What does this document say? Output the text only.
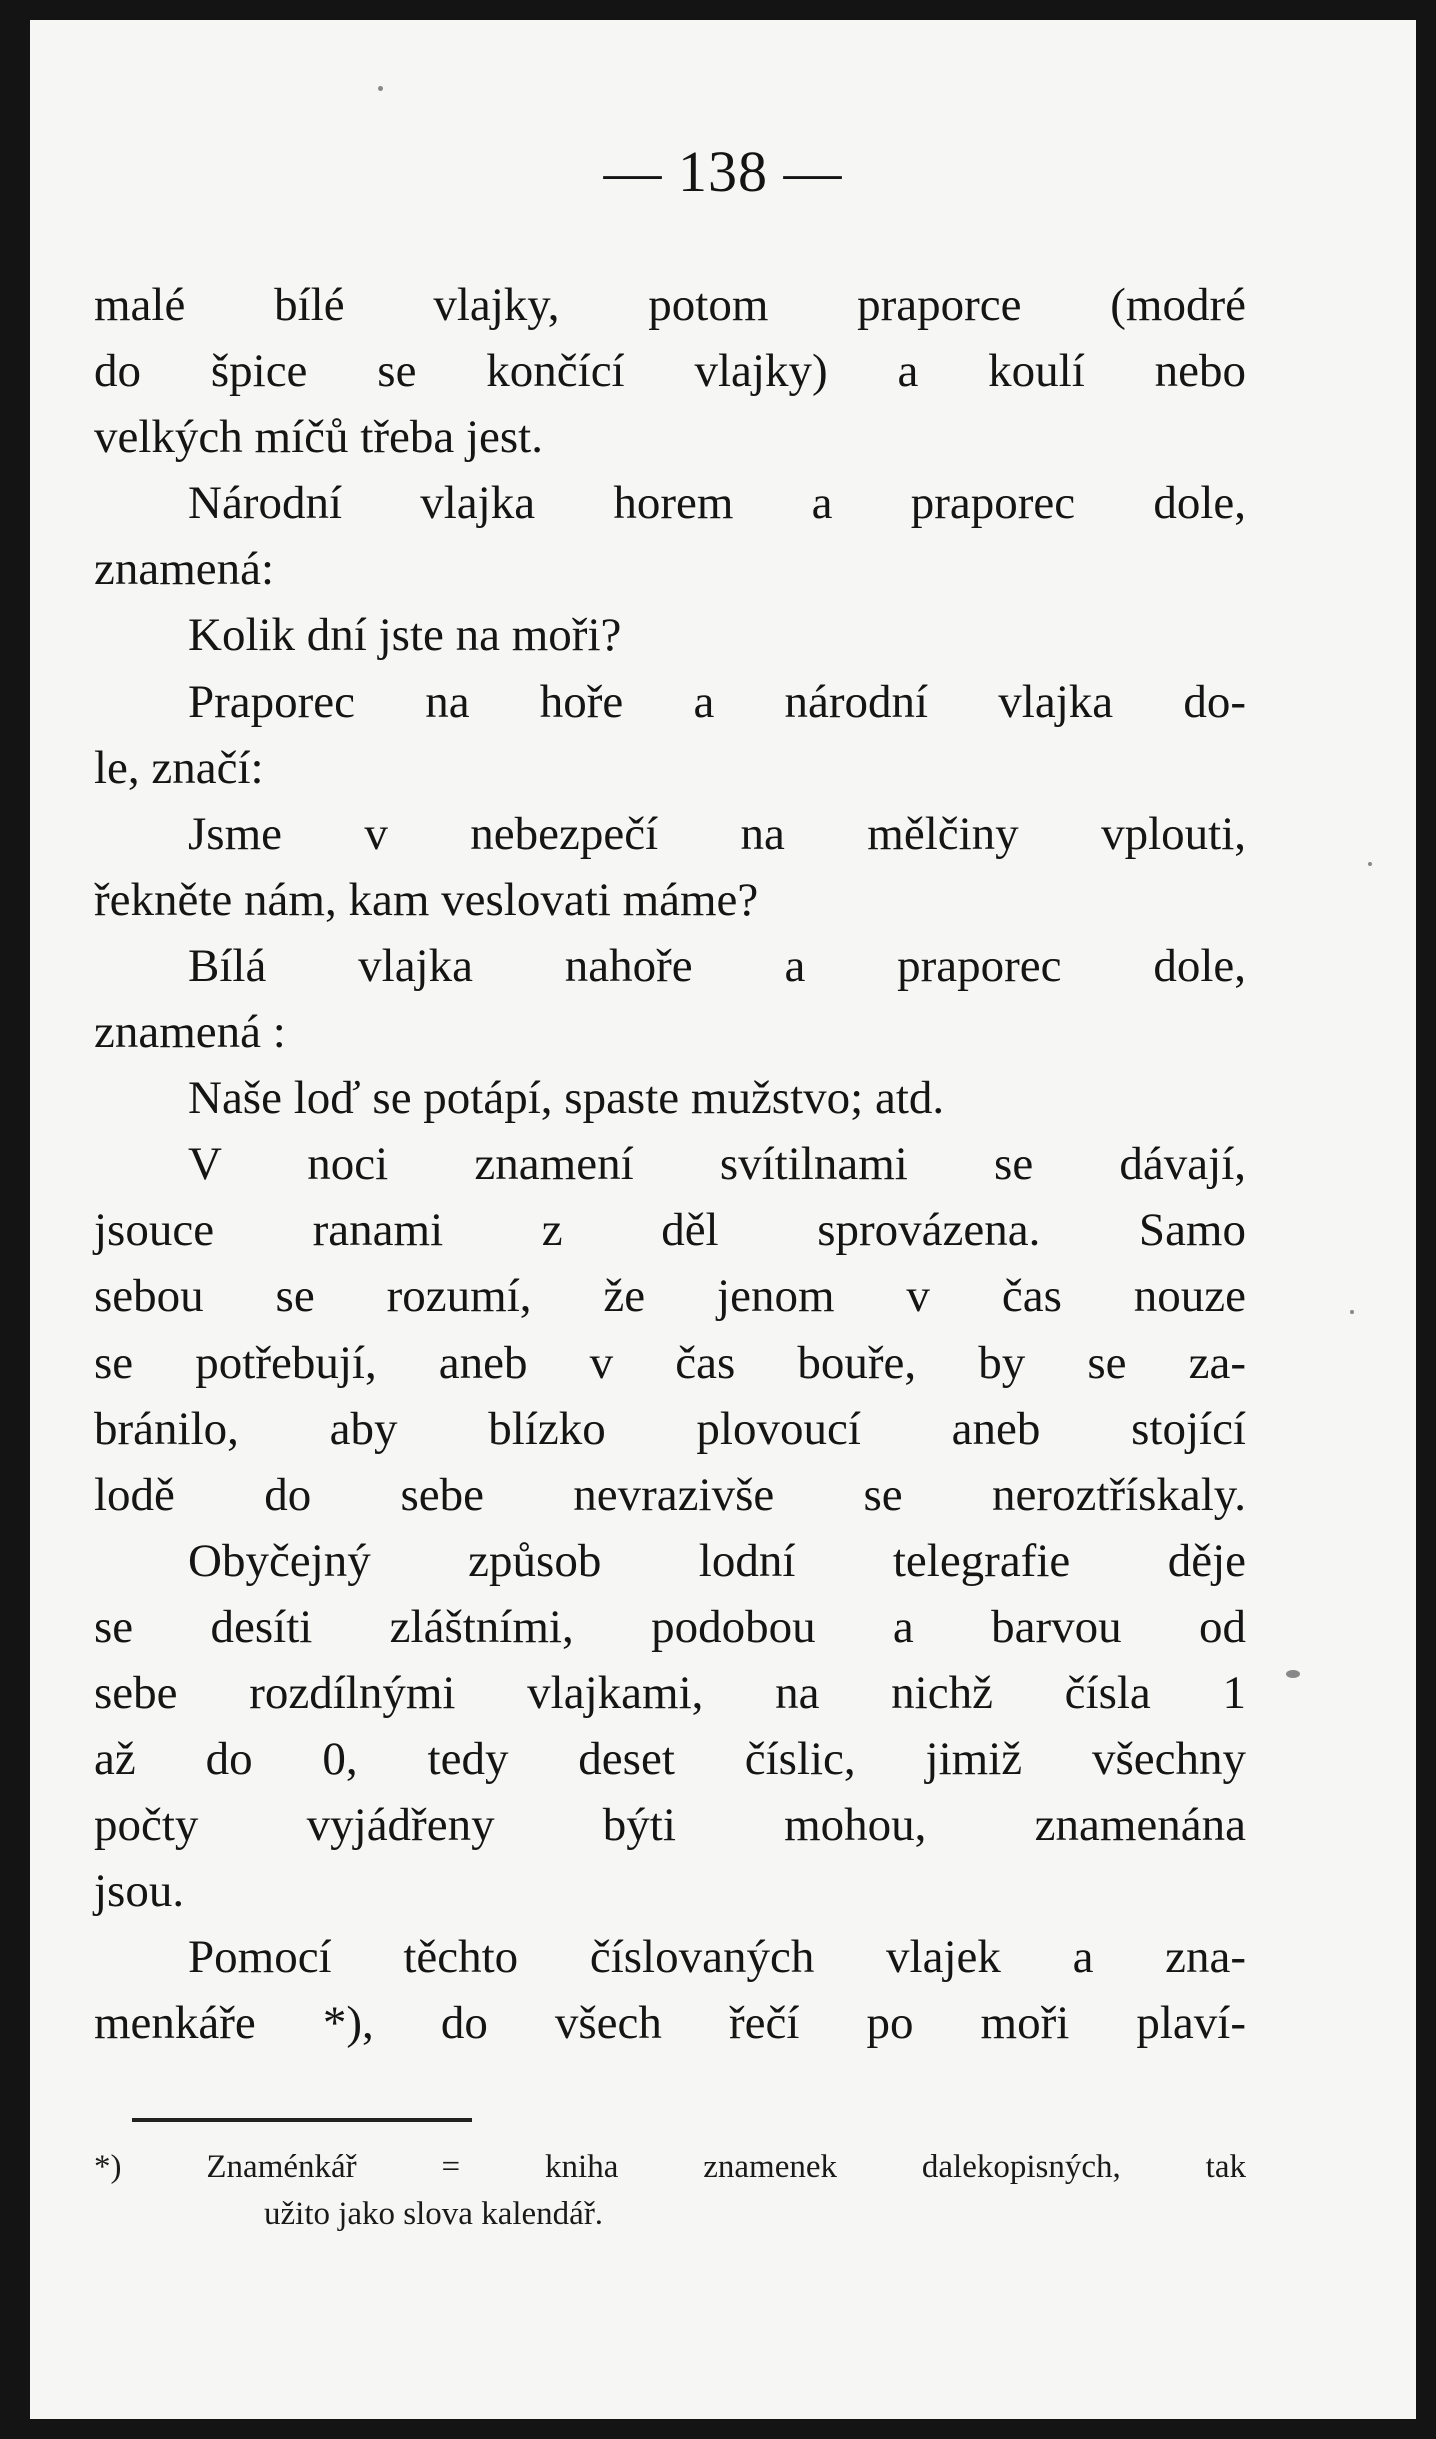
— 138 —
malé bílé vlajky, potom praporce (modré
do špice se končící vlajky) a koulí nebo
velkých míčů třeba jest.
Národní vlajka horem a praporec dole,
znamená:
Kolik dní jste na moři?
Praporec na hoře a národní vlajka do-
le, značí:
Jsme v nebezpečí na mělčiny vplouti,
řekněte nám, kam veslovati máme?
Bílá vlajka nahoře a praporec dole,
znamená :
Naše loď se potápí, spaste mužstvo; atd.
V noci znamení svítilnami se dávají,
jsouce ranami z děl sprovázena. Samo
sebou se rozumí, že jenom v čas nouze
se potřebují, aneb v čas bouře, by se za-
bránilo, aby blízko plovoucí aneb stojící
lodě do sebe nevrazivše se neroztřískaly.
Obyčejný způsob lodní telegrafie děje
se desíti zláštními, podobou a barvou od
sebe rozdílnými vlajkami, na nichž čísla 1
až do 0, tedy deset číslic, jimiž všechny
počty vyjádřeny býti mohou, znamenána
jsou.
Pomocí těchto číslovaných vlajek a zna-
menkáře *), do všech řečí po moři plaví-
*) Znaménkář = kniha znamenek dalekopisných, tak
užito jako slova kalendář.
